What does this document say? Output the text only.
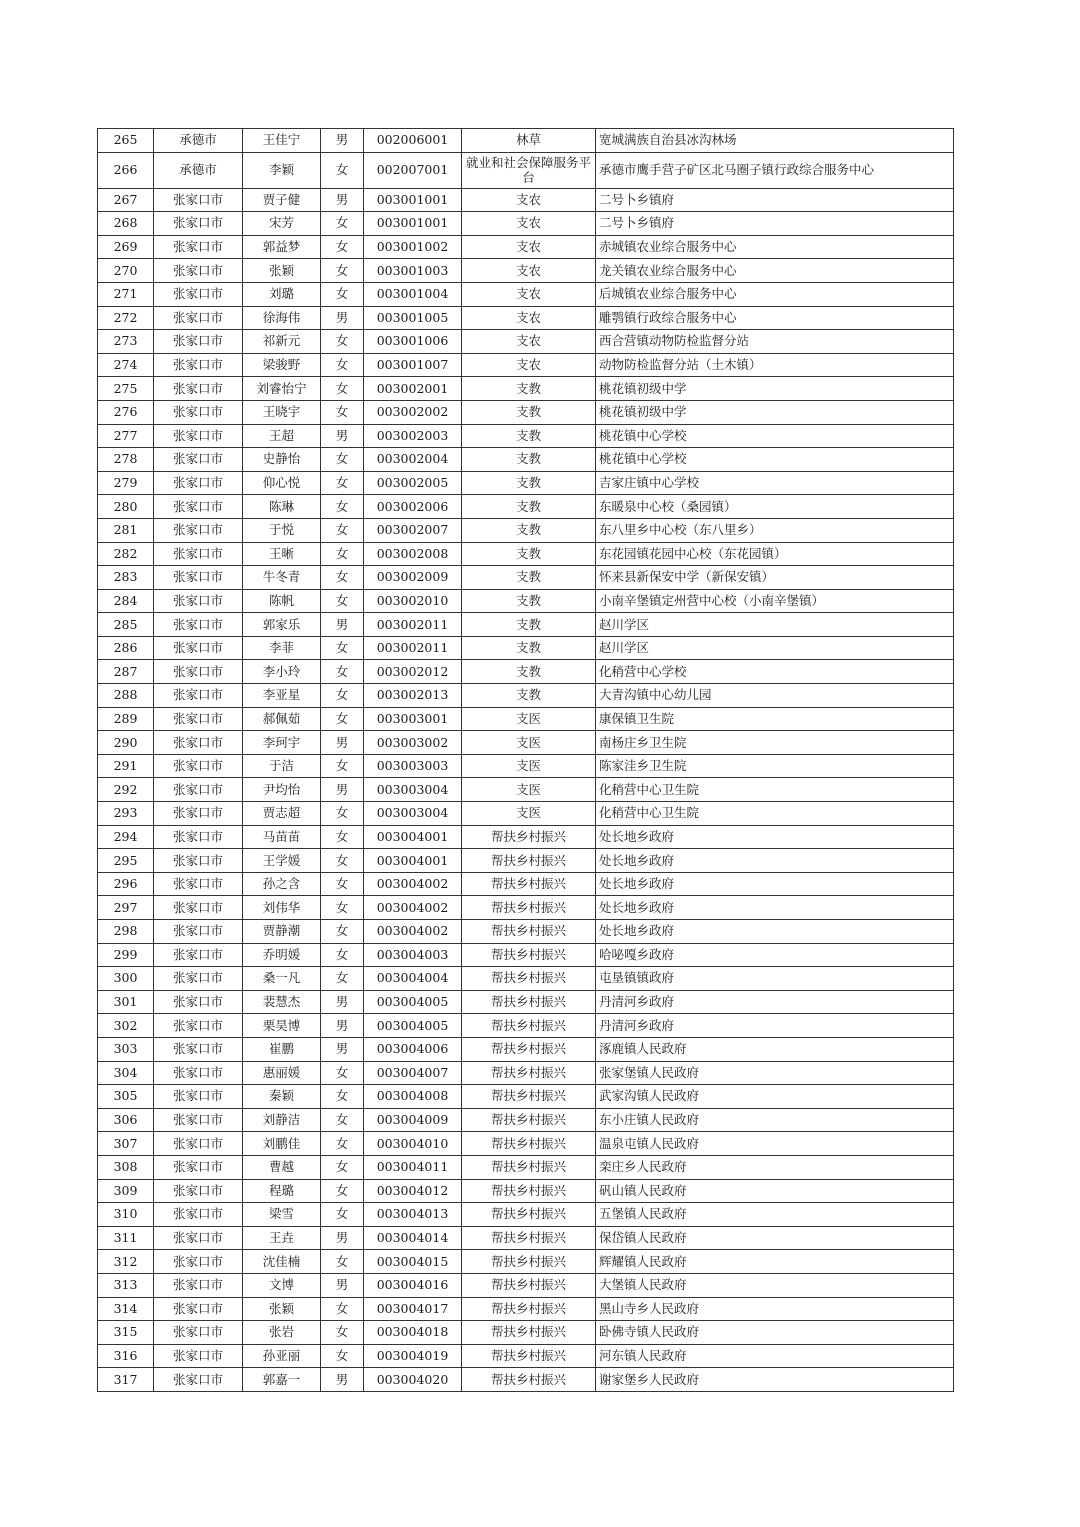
265	承德市	王佳宁	男	002006001	林草	宽城满族自治县冰沟林场
266	承德市	李颖	女	002007001	就业和社会保障服务平台	承德市鹰手营子矿区北马圈子镇行政综合服务中心
267	张家口市	贾子健	男	003001001	支农	二号卜乡镇府
268	张家口市	宋芳	女	003001001	支农	二号卜乡镇府
269	张家口市	郭益梦	女	003001002	支农	赤城镇农业综合服务中心
270	张家口市	张颖	女	003001003	支农	龙关镇农业综合服务中心
271	张家口市	刘璐	女	003001004	支农	后城镇农业综合服务中心
272	张家口市	徐海伟	男	003001005	支农	雕鹗镇行政综合服务中心
273	张家口市	祁新元	女	003001006	支农	西合营镇动物防检监督分站
274	张家口市	梁骏野	女	003001007	支农	动物防检监督分站（土木镇）
275	张家口市	刘睿怡宁	女	003002001	支教	桃花镇初级中学
276	张家口市	王晓宇	女	003002002	支教	桃花镇初级中学
277	张家口市	王超	男	003002003	支教	桃花镇中心学校
278	张家口市	史静怡	女	003002004	支教	桃花镇中心学校
279	张家口市	仰心悦	女	003002005	支教	吉家庄镇中心学校
280	张家口市	陈琳	女	003002006	支教	东暖泉中心校（桑园镇）
281	张家口市	于悦	女	003002007	支教	东八里乡中心校（东八里乡）
282	张家口市	王晰	女	003002008	支教	东花园镇花园中心校（东花园镇）
283	张家口市	牛冬青	女	003002009	支教	怀来县新保安中学（新保安镇）
284	张家口市	陈帆	女	003002010	支教	小南辛堡镇定州营中心校（小南辛堡镇）
285	张家口市	郭家乐	男	003002011	支教	赵川学区
286	张家口市	李菲	女	003002011	支教	赵川学区
287	张家口市	李小玲	女	003002012	支教	化稍营中心学校
288	张家口市	李亚星	女	003002013	支教	大青沟镇中心幼儿园
289	张家口市	郝佩茹	女	003003001	支医	康保镇卫生院
290	张家口市	李珂宇	男	003003002	支医	南杨庄乡卫生院
291	张家口市	于洁	女	003003003	支医	陈家洼乡卫生院
292	张家口市	尹均怡	男	003003004	支医	化稍营中心卫生院
293	张家口市	贾志超	女	003003004	支医	化稍营中心卫生院
294	张家口市	马苗苗	女	003004001	帮扶乡村振兴	处长地乡政府
295	张家口市	王学媛	女	003004001	帮扶乡村振兴	处长地乡政府
296	张家口市	孙之含	女	003004002	帮扶乡村振兴	处长地乡政府
297	张家口市	刘伟华	女	003004002	帮扶乡村振兴	处长地乡政府
298	张家口市	贾静潮	女	003004002	帮扶乡村振兴	处长地乡政府
299	张家口市	乔明媛	女	003004003	帮扶乡村振兴	哈咇嘎乡政府
300	张家口市	桑一凡	女	003004004	帮扶乡村振兴	屯垦镇镇政府
301	张家口市	裴慧杰	男	003004005	帮扶乡村振兴	丹清河乡政府
302	张家口市	栗昊博	男	003004005	帮扶乡村振兴	丹清河乡政府
303	张家口市	崔鹏	男	003004006	帮扶乡村振兴	涿鹿镇人民政府
304	张家口市	惠丽媛	女	003004007	帮扶乡村振兴	张家堡镇人民政府
305	张家口市	秦颖	女	003004008	帮扶乡村振兴	武家沟镇人民政府
306	张家口市	刘静洁	女	003004009	帮扶乡村振兴	东小庄镇人民政府
307	张家口市	刘鹏佳	女	003004010	帮扶乡村振兴	温泉屯镇人民政府
308	张家口市	曹越	女	003004011	帮扶乡村振兴	栾庄乡人民政府
309	张家口市	程璐	女	003004012	帮扶乡村振兴	矾山镇人民政府
310	张家口市	梁雪	女	003004013	帮扶乡村振兴	五堡镇人民政府
311	张家口市	王垚	男	003004014	帮扶乡村振兴	保岱镇人民政府
312	张家口市	沈佳楠	女	003004015	帮扶乡村振兴	辉耀镇人民政府
313	张家口市	文博	男	003004016	帮扶乡村振兴	大堡镇人民政府
314	张家口市	张颖	女	003004017	帮扶乡村振兴	黑山寺乡人民政府
315	张家口市	张岩	女	003004018	帮扶乡村振兴	卧佛寺镇人民政府
316	张家口市	孙亚丽	女	003004019	帮扶乡村振兴	河东镇人民政府
317	张家口市	郭嘉一	男	003004020	帮扶乡村振兴	谢家堡乡人民政府
